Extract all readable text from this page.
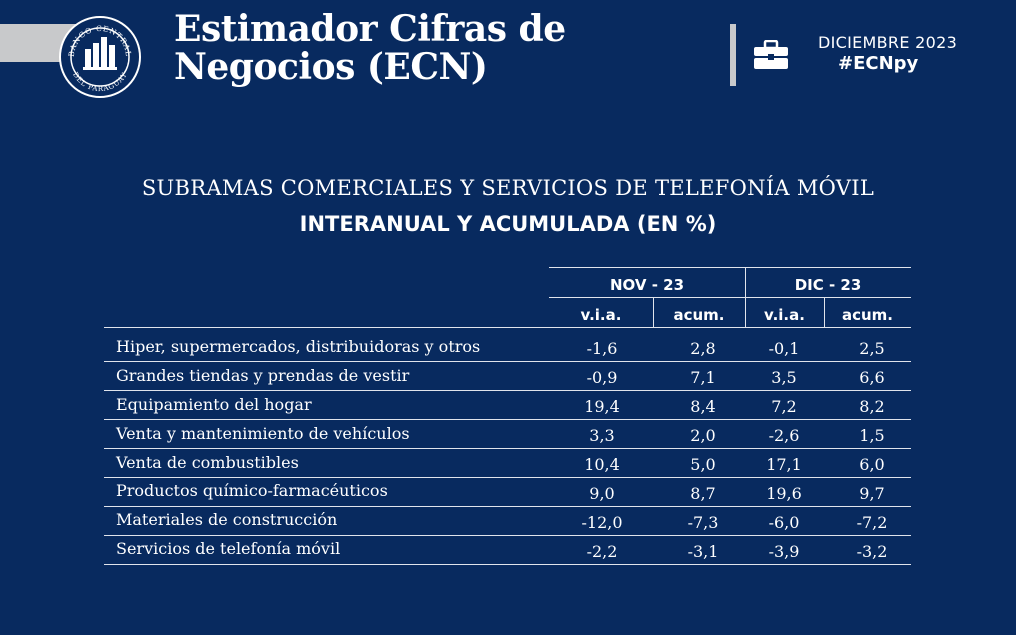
BANCO CENTRAL
DEL PARAGUAY
Estimador Cifras de
Negocios (ECN)
DICIEMBRE 2023
#ECNpy
SUBRAMAS COMERCIALES Y SERVICIOS DE TELEFONÍA MÓVIL
INTERANUAL Y ACUMULADA (EN %)
NOV - 23	DIC - 23
v.i.a.	acum.	v.i.a.	acum.
Hiper, supermercados, distribuidoras y otros	-1,6	2,8	-0,1	2,5
Grandes tiendas y prendas de vestir	-0,9	7,1	3,5	6,6
Equipamiento del hogar	19,4	8,4	7,2	8,2
Venta y mantenimiento de vehículos	3,3	2,0	-2,6	1,5
Venta de combustibles	10,4	5,0	17,1	6,0
Productos químico-farmacéuticos	9,0	8,7	19,6	9,7
Materiales de construcción	-12,0	-7,3	-6,0	-7,2
Servicios de telefonía móvil	-2,2	-3,1	-3,9	-3,2
